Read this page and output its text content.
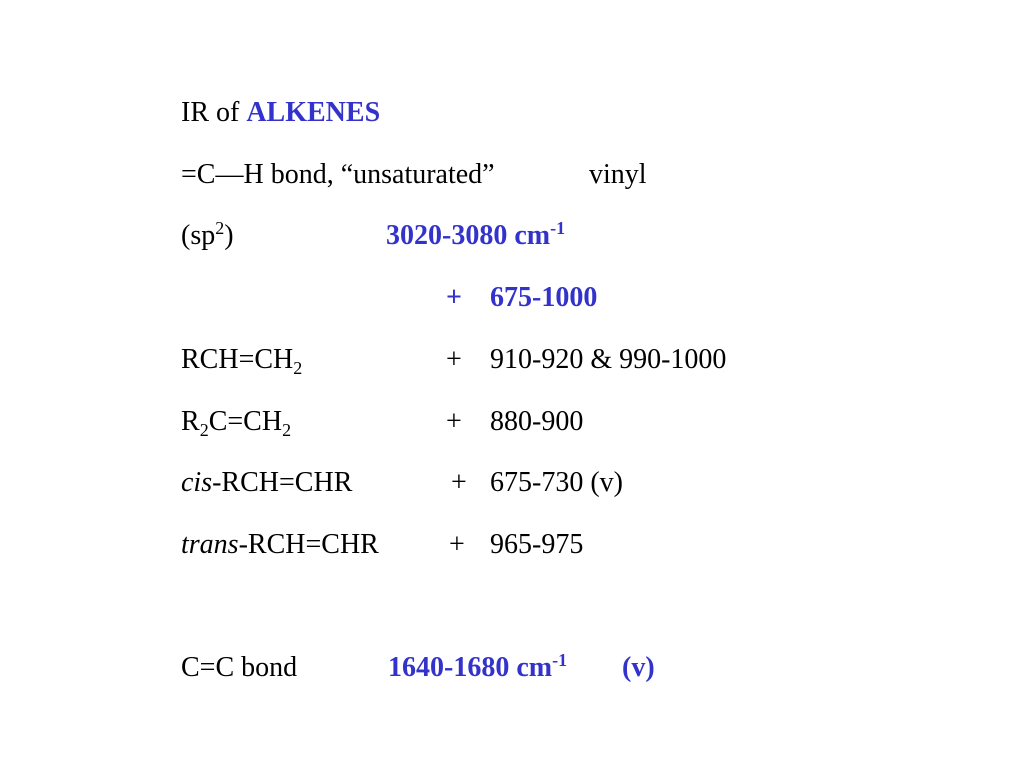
IR of ALKENES
=C—H bond, “unsaturated”	vinyl
$(sp^2)$	3020-3080 $cm^{-1}$
+ 675-1000
$RCH=CH_2$	+ 910-920 & 990-1000
$R_2C=CH_2$	+ 880-900
cis-RCH=CHR	+ 675-730 (v)
trans-RCH=CHR	+ 965-975
C=C bond	1640-1680 $cm^{-1}$ (v)
